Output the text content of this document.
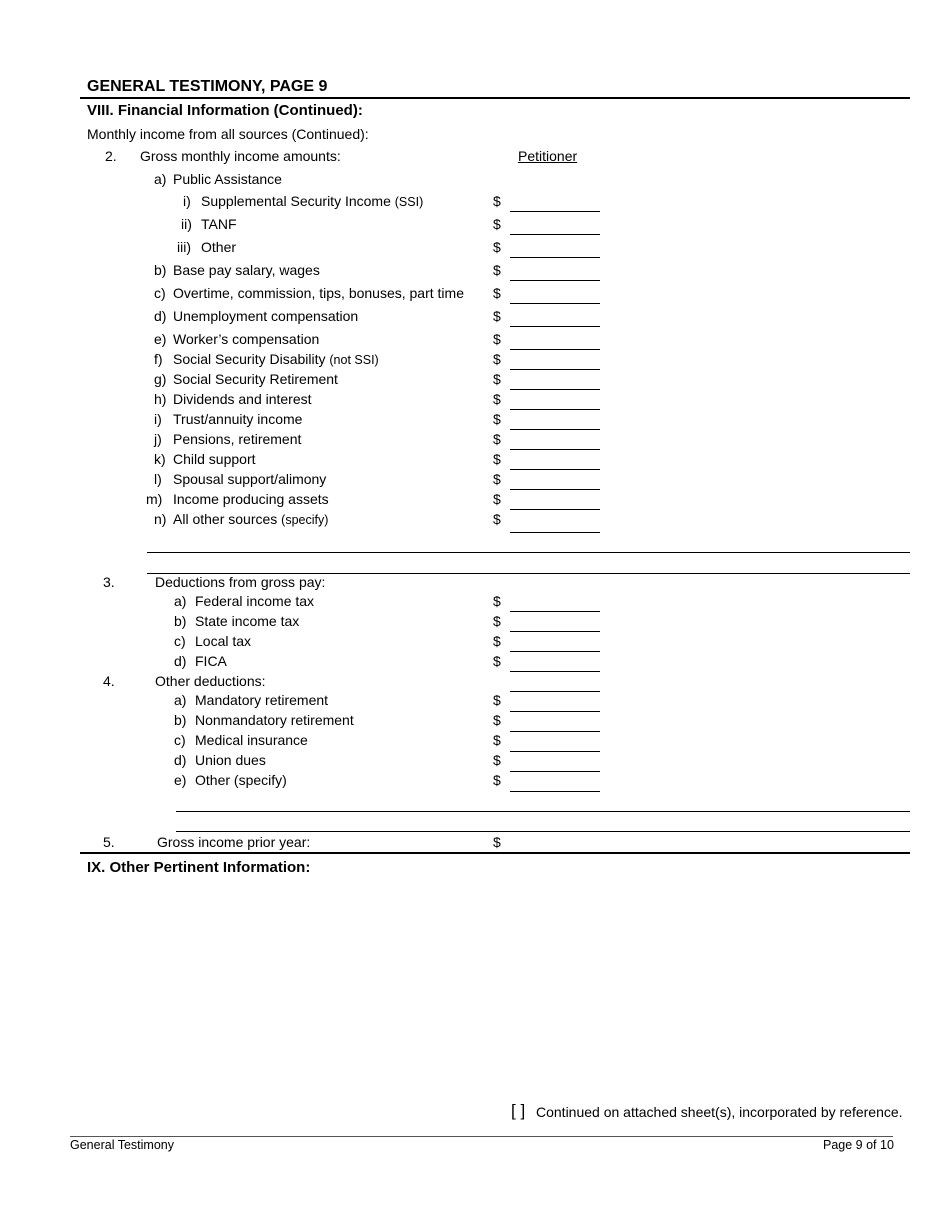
GENERAL TESTIMONY, PAGE 9
VIII. Financial Information (Continued):
Monthly income from all sources (Continued):
2. Gross monthly income amounts:	Petitioner
a) Public Assistance
i) Supplemental Security Income (SSI)	$
ii) TANF	$
iii) Other	$
b) Base pay salary, wages	$
c) Overtime, commission, tips, bonuses, part time $
d) Unemployment compensation	$
e) Worker’s compensation	$
f) Social Security Disability (not SSI)	$
g) Social Security Retirement	$
h) Dividends and interest	$
i) Trust/annuity income	$
j) Pensions, retirement	$
k) Child support	$
l) Spousal support/alimony	$
m) Income producing assets	$
n) All other sources (specify)	$
3.	Deductions from gross pay:
a) Federal income tax	$
b) State income tax	$
c) Local tax	$
d) FICA	$
4.	Other deductions:
a) Mandatory retirement	$
b) Nonmandatory retirement	$
c) Medical insurance	$
d) Union dues	$
e) Other (specify)	$
5.	Gross income prior year:	$
IX. Other Pertinent Information:
[ ] Continued on attached sheet(s), incorporated by reference.
General Testimony	Page 9 of 10
